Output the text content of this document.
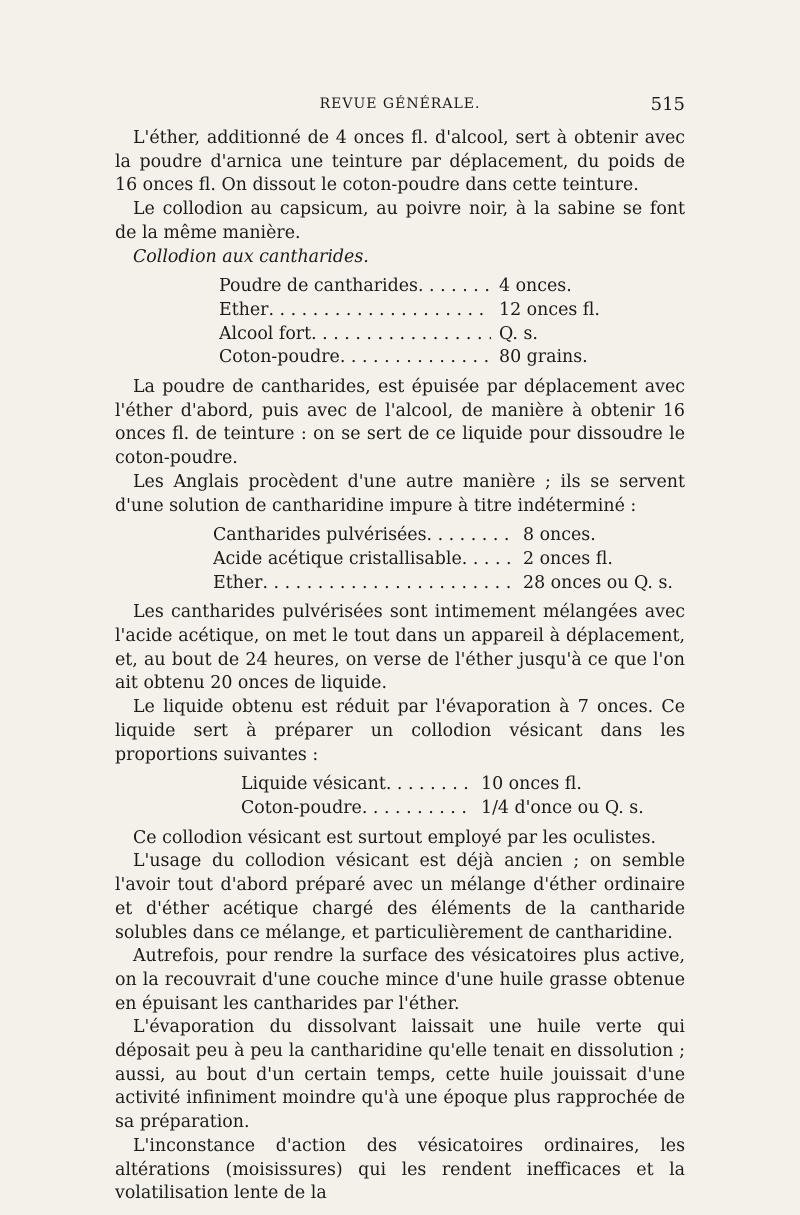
REVUE GÉNÉRALE.	515

L'éther, additionné de 4 onces fl. d'alcool, sert à obtenir avec la poudre d'arnica une teinture par déplacement, du poids de 16 onces fl. On dissout le coton-poudre dans cette teinture.

Le collodion au capsicum, au poivre noir, à la sabine se font de la même manière.

Collodion aux cantharides.

Poudre de cantharides . . .	4 onces.
Ether . . .	12 onces fl.
Alcool fort . . .	Q. s.
Coton-poudre . . .	80 grains.

La poudre de cantharides, est épuisée par déplacement avec l'éther d'abord, puis avec de l'alcool, de manière à obtenir 16 onces fl. de teinture : on se sert de ce liquide pour dissoudre le coton-poudre.

Les Anglais procèdent d'une autre manière ; ils se servent d'une solution de cantharidine impure à titre indéterminé :

Cantharides pulvérisées . . .	8 onces.
Acide acétique cristallisable . . .	2 onces fl.
Ether . . .	28 onces ou Q. s.

Les cantharides pulvérisées sont intimement mélangées avec l'acide acétique, on met le tout dans un appareil à déplacement, et, au bout de 24 heures, on verse de l'éther jusqu'à ce que l'on ait obtenu 20 onces de liquide.

Le liquide obtenu est réduit par l'évaporation à 7 onces. Ce liquide sert à préparer un collodion vésicant dans les proportions suivantes :

Liquide vésicant . . .	10 onces fl.
Coton-poudre . . .	1/4 d'once ou Q. s.

Ce collodion vésicant est surtout employé par les oculistes.

L'usage du collodion vésicant est déjà ancien ; on semble l'avoir tout d'abord préparé avec un mélange d'éther ordinaire et d'éther acétique chargé des éléments de la cantharide solubles dans ce mélange, et particulièrement de cantharidine.

Autrefois, pour rendre la surface des vésicatoires plus active, on la recouvrait d'une couche mince d'une huile grasse obtenue en épuisant les cantharides par l'éther.

L'évaporation du dissolvant laissait une huile verte qui déposait peu à peu la cantharidine qu'elle tenait en dissolution ; aussi, au bout d'un certain temps, cette huile jouissait d'une activité infiniment moindre qu'à une époque plus rapprochée de sa préparation.

L'inconstance d'action des vésicatoires ordinaires, les altérations (moisissures) qui les rendent inefficaces et la volatilisation lente de la
